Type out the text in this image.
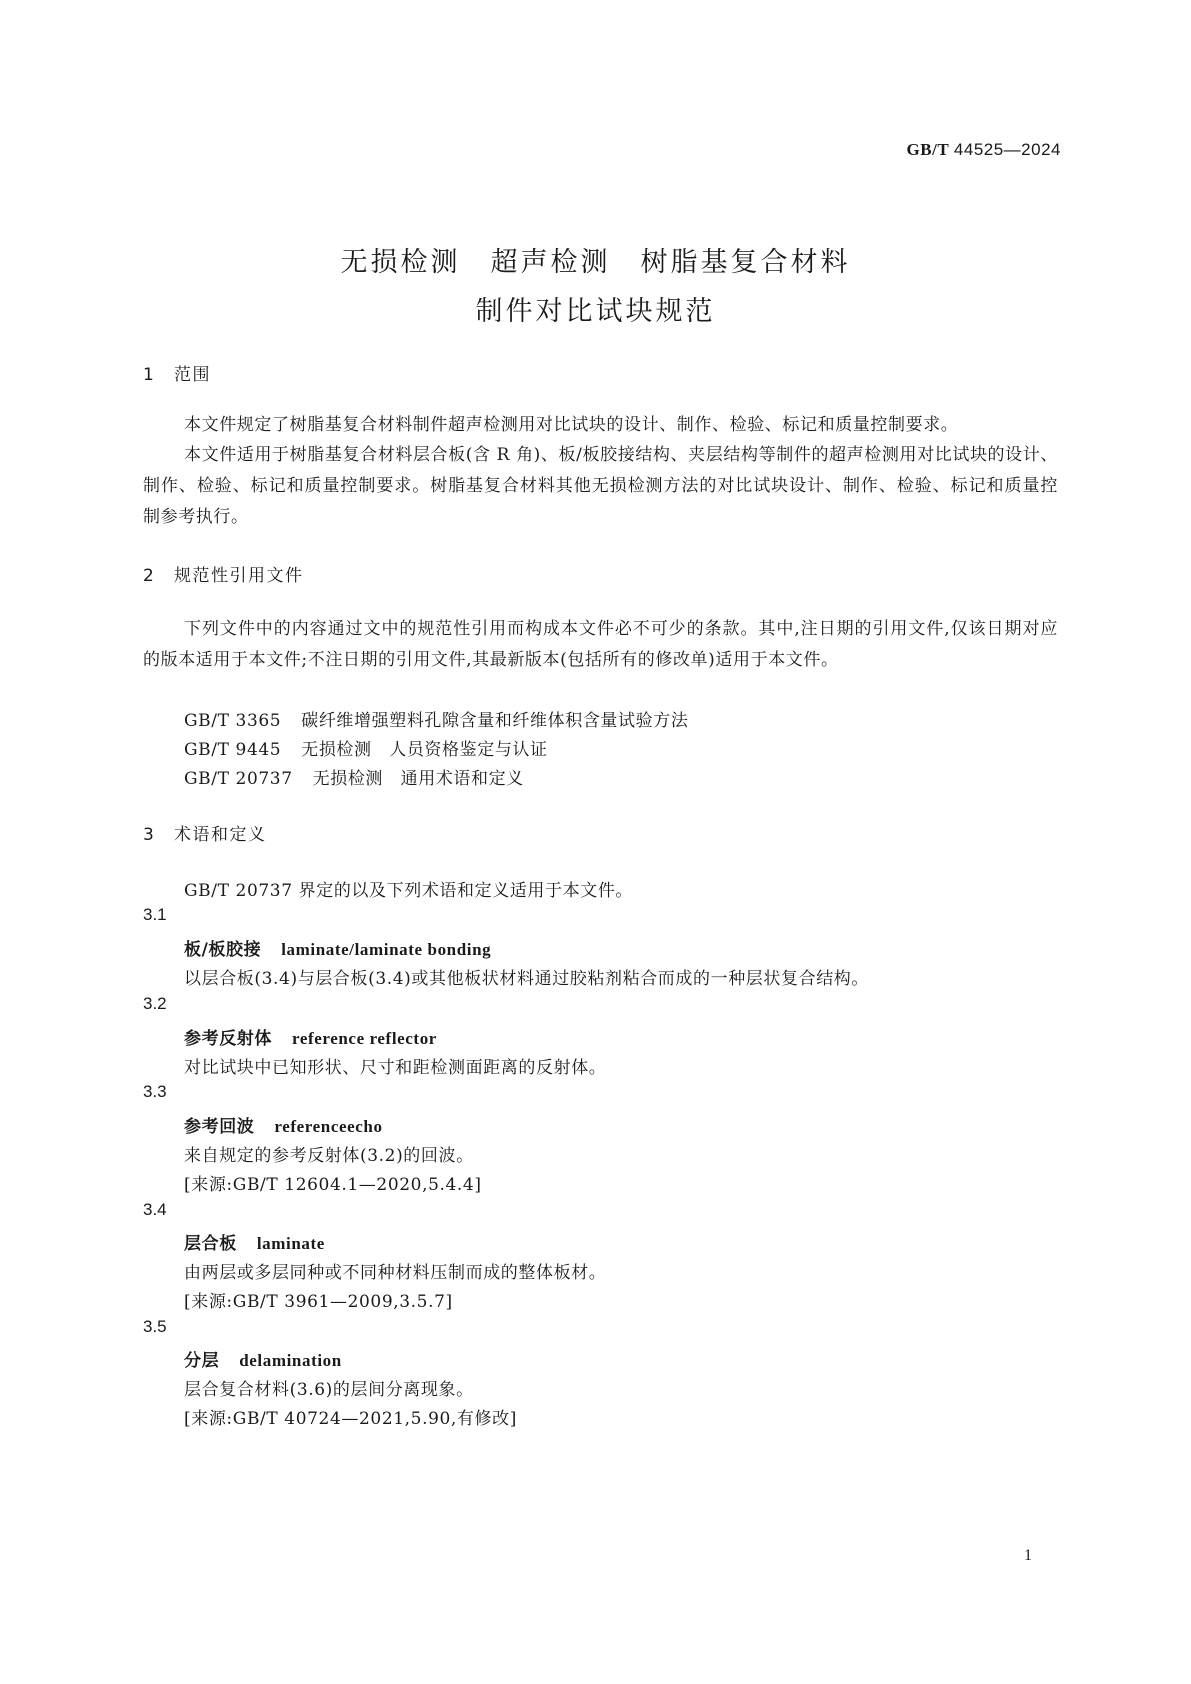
GB/T 44525—2024
无损检测　超声检测　树脂基复合材料
制件对比试块规范
1 范围
本文件规定了树脂基复合材料制件超声检测用对比试块的设计、制作、检验、标记和质量控制要求。
本文件适用于树脂基复合材料层合板(含 R 角)、板/板胶接结构、夹层结构等制件的超声检测用对比试块的设计、制作、检验、标记和质量控制要求。树脂基复合材料其他无损检测方法的对比试块设计、制作、检验、标记和质量控制参考执行。
2 规范性引用文件
下列文件中的内容通过文中的规范性引用而构成本文件必不可少的条款。其中,注日期的引用文件,仅该日期对应的版本适用于本文件;不注日期的引用文件,其最新版本(包括所有的修改单)适用于本文件。
GB/T 3365 碳纤维增强塑料孔隙含量和纤维体积含量试验方法
GB/T 9445 无损检测　人员资格鉴定与认证
GB/T 20737 无损检测　通用术语和定义
3 术语和定义
GB/T 20737 界定的以及下列术语和定义适用于本文件。
3.1
板/板胶接 laminate/laminate bonding
以层合板(3.4)与层合板(3.4)或其他板状材料通过胶粘剂粘合而成的一种层状复合结构。
3.2
参考反射体 reference reflector
对比试块中已知形状、尺寸和距检测面距离的反射体。
3.3
参考回波 referenceecho
来自规定的参考反射体(3.2)的回波。
[来源:GB/T 12604.1—2020,5.4.4]
3.4
层合板 laminate
由两层或多层同种或不同种材料压制而成的整体板材。
[来源:GB/T 3961—2009,3.5.7]
3.5
分层 delamination
层合复合材料(3.6)的层间分离现象。
[来源:GB/T 40724—2021,5.90,有修改]
1
